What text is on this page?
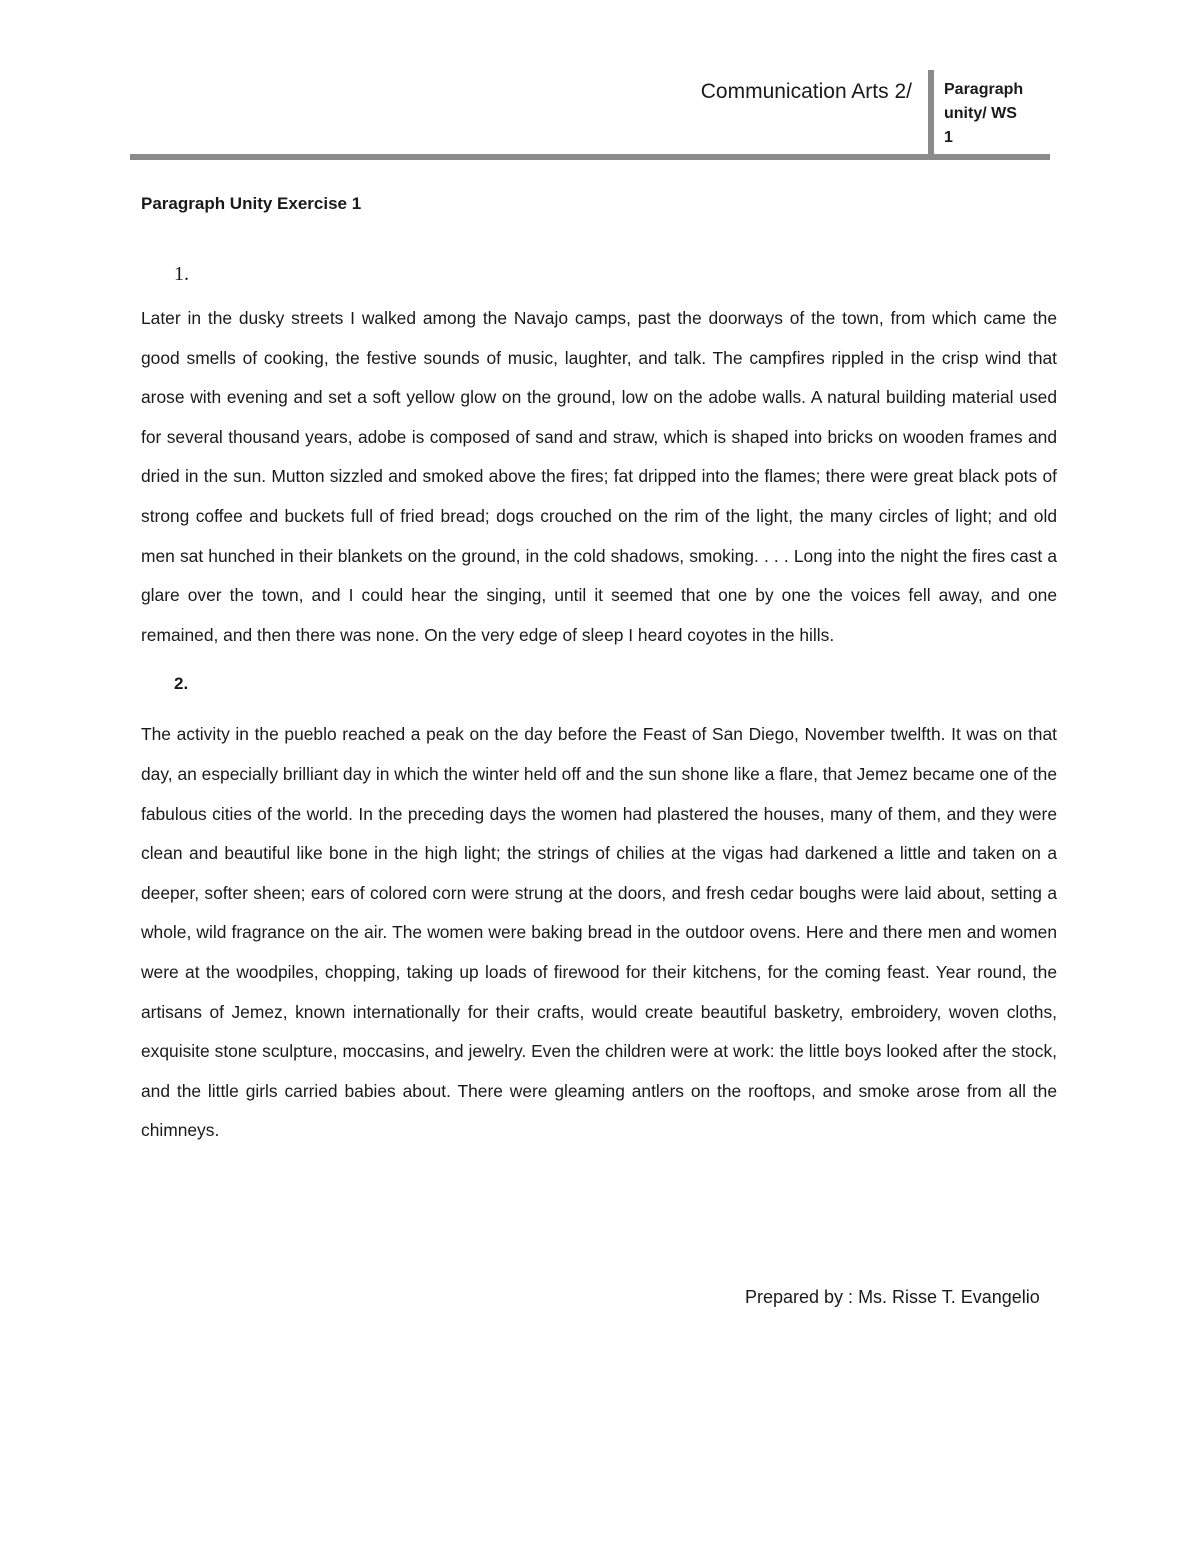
Communication Arts 2/ Paragraph
unity/ WS
1
Paragraph Unity Exercise 1
1.

Later in the dusky streets I walked among the Navajo camps, past the doorways of the town, from which came the good smells of cooking, the festive sounds of music, laughter, and talk. The campfires rippled in the crisp wind that arose with evening and set a soft yellow glow on the ground, low on the adobe walls. A natural building material used for several thousand years, adobe is composed of sand and straw, which is shaped into bricks on wooden frames and dried in the sun. Mutton sizzled and smoked above the fires; fat dripped into the flames; there were great black pots of strong coffee and buckets full of fried bread; dogs crouched on the rim of the light, the many circles of light; and old men sat hunched in their blankets on the ground, in the cold shadows, smoking. . . . Long into the night the fires cast a glare over the town, and I could hear the singing, until it seemed that one by one the voices fell away, and one remained, and then there was none. On the very edge of sleep I heard coyotes in the hills.

2.

The activity in the pueblo reached a peak on the day before the Feast of San Diego, November twelfth. It was on that day, an especially brilliant day in which the winter held off and the sun shone like a flare, that Jemez became one of the fabulous cities of the world. In the preceding days the women had plastered the houses, many of them, and they were clean and beautiful like bone in the high light; the strings of chilies at the vigas had darkened a little and taken on a deeper, softer sheen; ears of colored corn were strung at the doors, and fresh cedar boughs were laid about, setting a whole, wild fragrance on the air. The women were baking bread in the outdoor ovens. Here and there men and women were at the woodpiles, chopping, taking up loads of firewood for their kitchens, for the coming feast. Year round, the artisans of Jemez, known internationally for their crafts, would create beautiful basketry, embroidery, woven cloths, exquisite stone sculpture, moccasins, and jewelry. Even the children were at work: the little boys looked after the stock, and the little girls carried babies about. There were gleaming antlers on the rooftops, and smoke arose from all the chimneys.

Prepared by : Ms. Risse T. Evangelio
